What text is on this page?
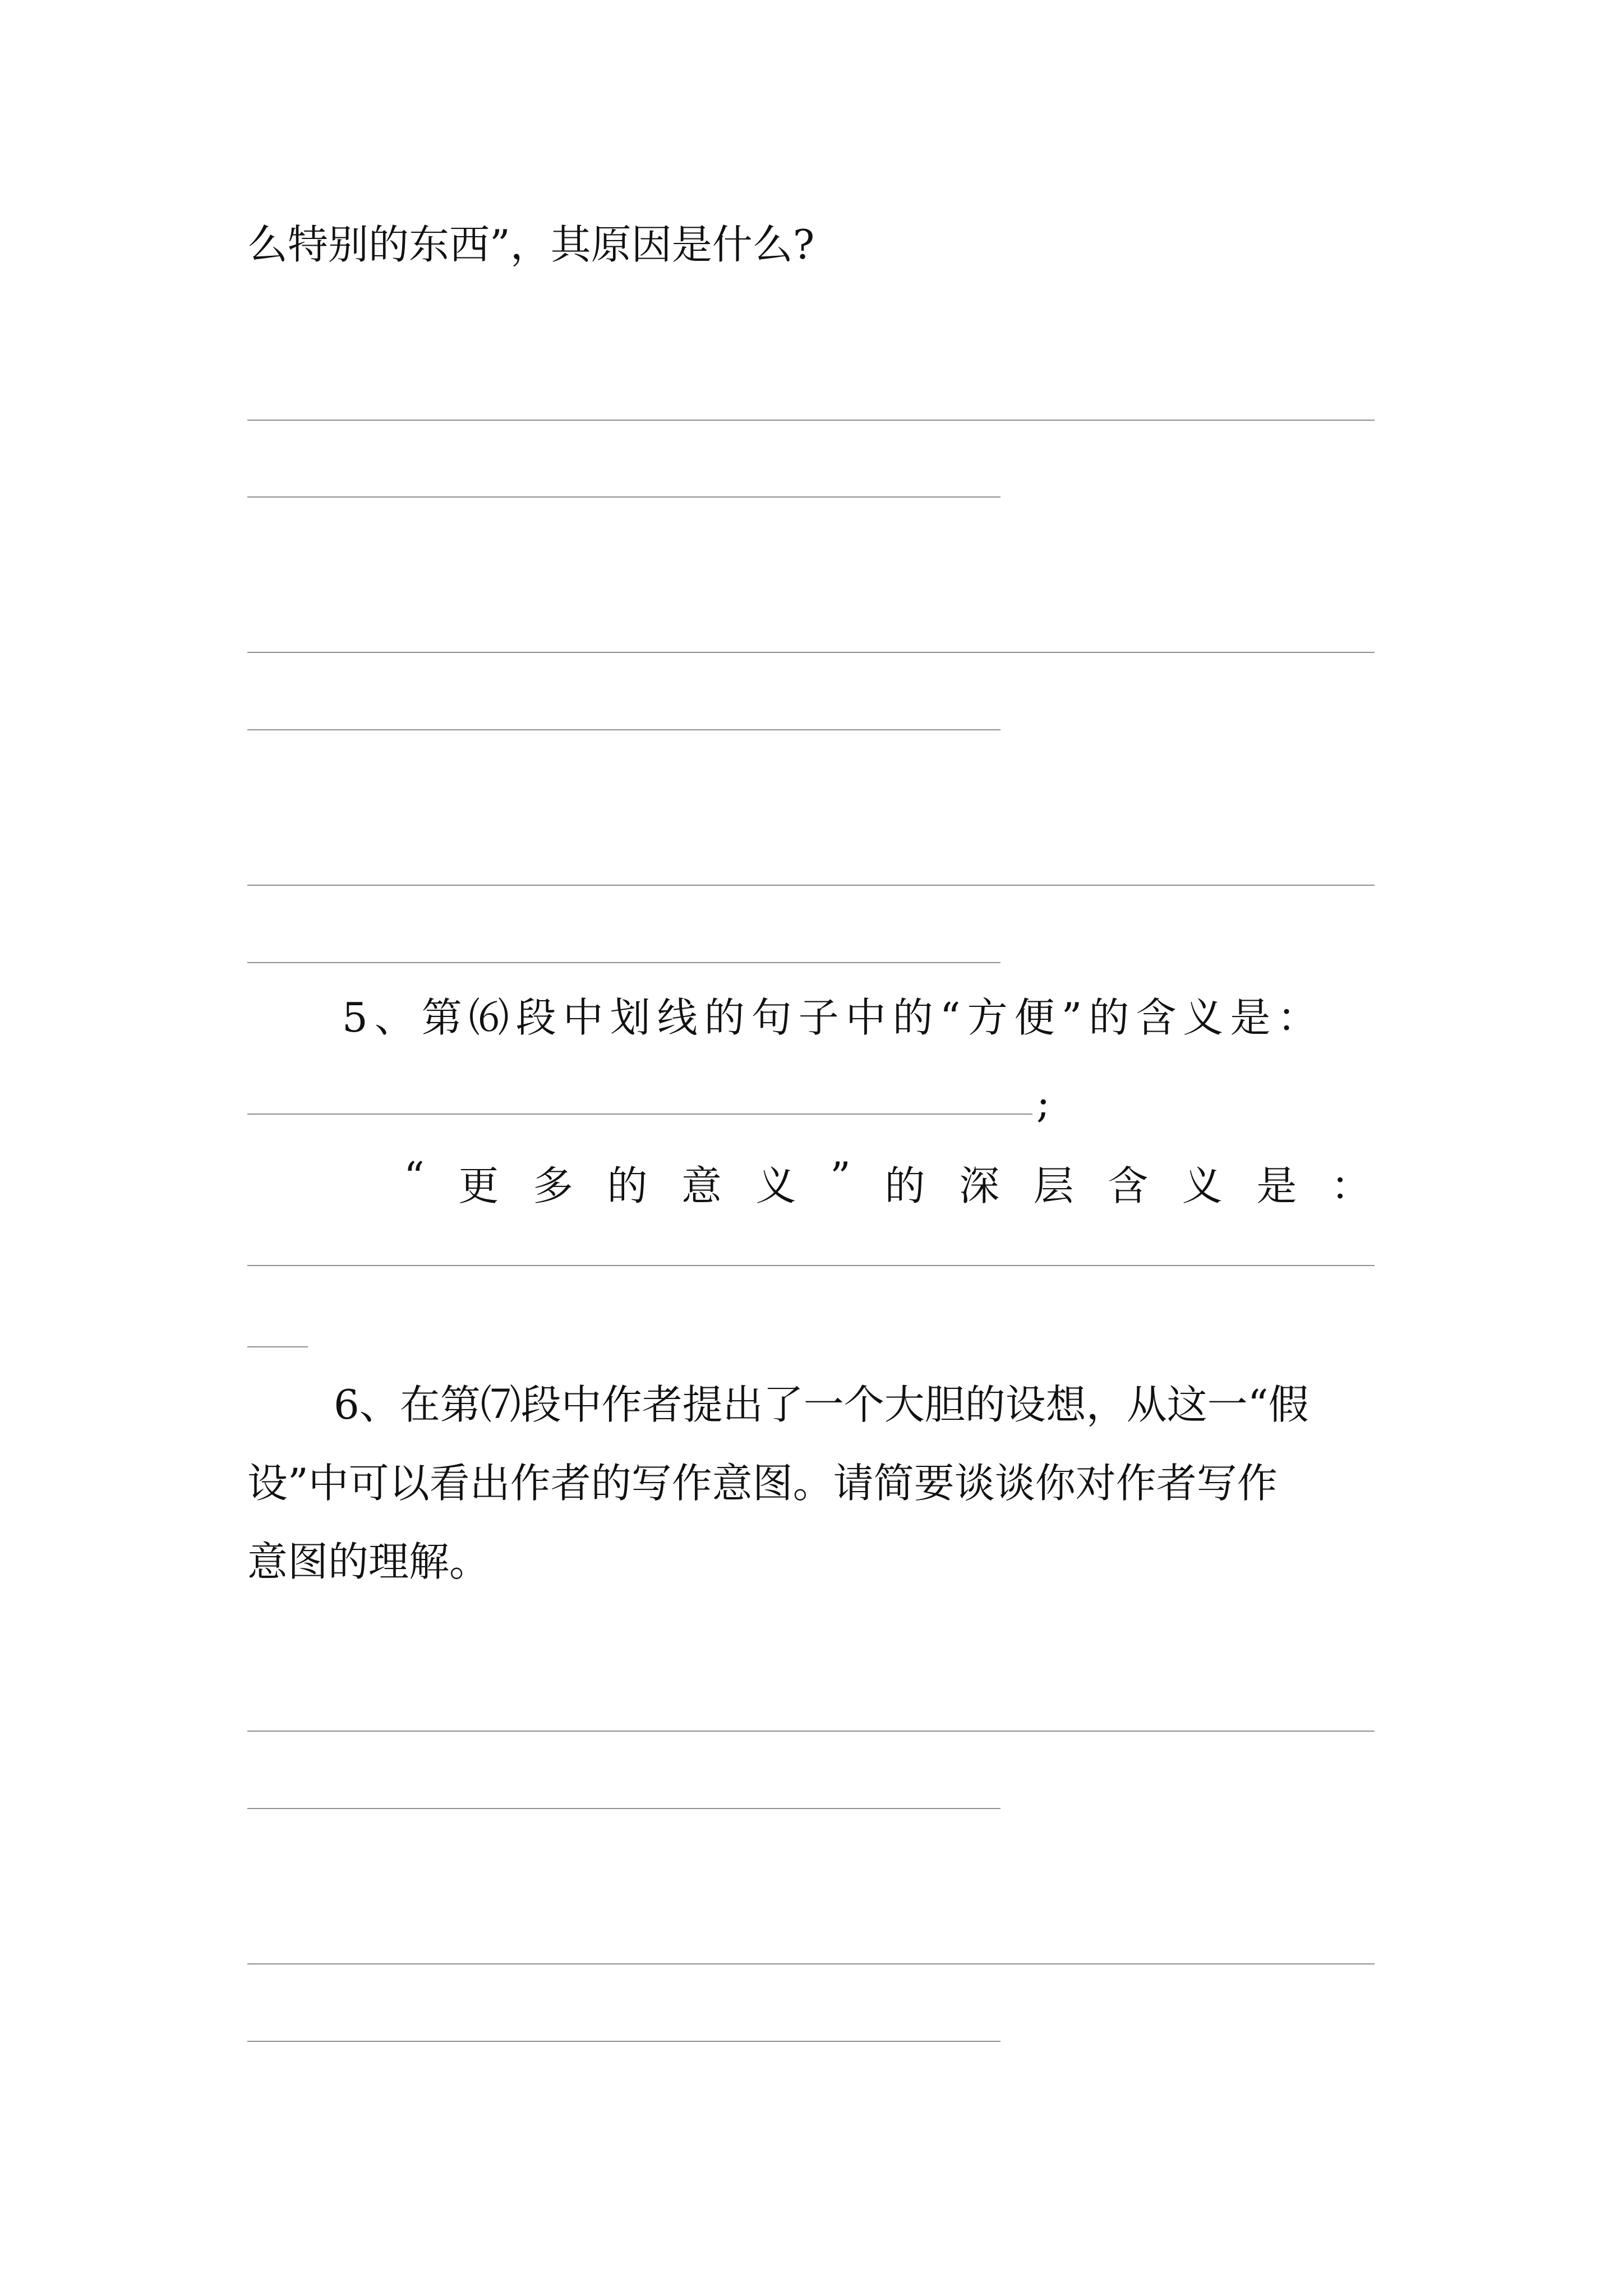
么特别的东西”，其原因是什么?

5、第⑹段中划线的句子中的“方便”的含义是：

;

“ 更 多 的 意 义 ” 的 深 层 含 义 是 ：

6、在第⑺段中作者提出了一个大胆的设想，从这一“假

设”中可以看出作者的写作意图。请简要谈谈你对作者写作

意图的理解。
